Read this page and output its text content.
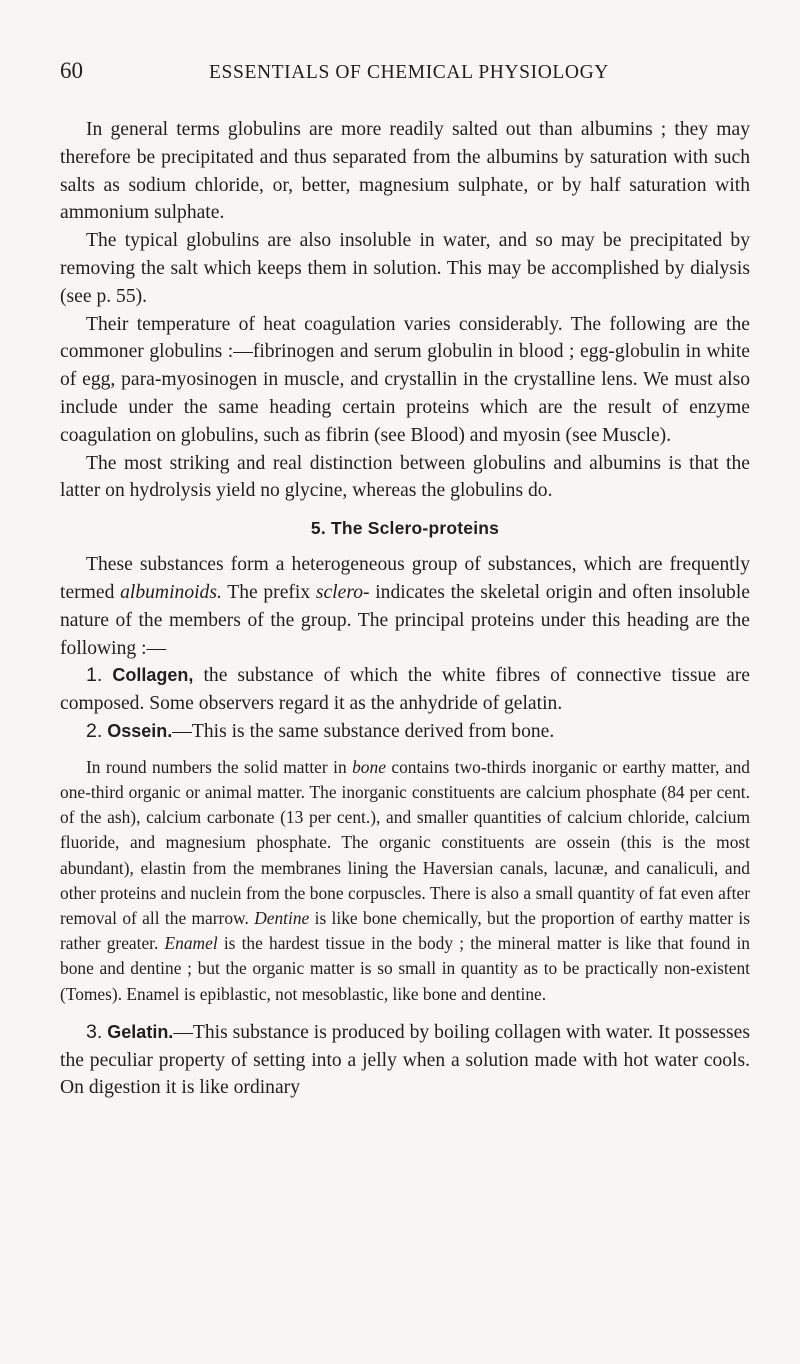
60	ESSENTIALS OF CHEMICAL PHYSIOLOGY

In general terms globulins are more readily salted out than albumins ; they may therefore be precipitated and thus separated from the albumins by saturation with such salts as sodium chloride, or, better, magnesium sulphate, or by half saturation with ammonium sulphate.

The typical globulins are also insoluble in water, and so may be precipitated by removing the salt which keeps them in solution. This may be accomplished by dialysis (see p. 55).

Their temperature of heat coagulation varies considerably. The following are the commoner globulins :—fibrinogen and serum globulin in blood ; egg-globulin in white of egg, para-myosinogen in muscle, and crystallin in the crystalline lens. We must also include under the same heading certain proteins which are the result of enzyme coagulation on globulins, such as fibrin (see Blood) and myosin (see Muscle).

The most striking and real distinction between globulins and albumins is that the latter on hydrolysis yield no glycine, whereas the globulins do.

5. The Sclero-proteins

These substances form a heterogeneous group of substances, which are frequently termed albuminoids. The prefix sclero- indicates the skeletal origin and often insoluble nature of the members of the group. The principal proteins under this heading are the following :—

1. Collagen, the substance of which the white fibres of connective tissue are composed. Some observers regard it as the anhydride of gelatin.

2. Ossein.—This is the same substance derived from bone.

In round numbers the solid matter in bone contains two-thirds inorganic or earthy matter, and one-third organic or animal matter. The inorganic constituents are calcium phosphate (84 per cent. of the ash), calcium carbonate (13 per cent.), and smaller quantities of calcium chloride, calcium fluoride, and magnesium phosphate. The organic constituents are ossein (this is the most abundant), elastin from the membranes lining the Haversian canals, lacunæ, and canaliculi, and other proteins and nuclein from the bone corpuscles. There is also a small quantity of fat even after removal of all the marrow. Dentine is like bone chemically, but the proportion of earthy matter is rather greater. Enamel is the hardest tissue in the body ; the mineral matter is like that found in bone and dentine ; but the organic matter is so small in quantity as to be practically non-existent (Tomes). Enamel is epiblastic, not mesoblastic, like bone and dentine.

3. Gelatin.—This substance is produced by boiling collagen with water. It possesses the peculiar property of setting into a jelly when a solution made with hot water cools. On digestion it is like ordinary
